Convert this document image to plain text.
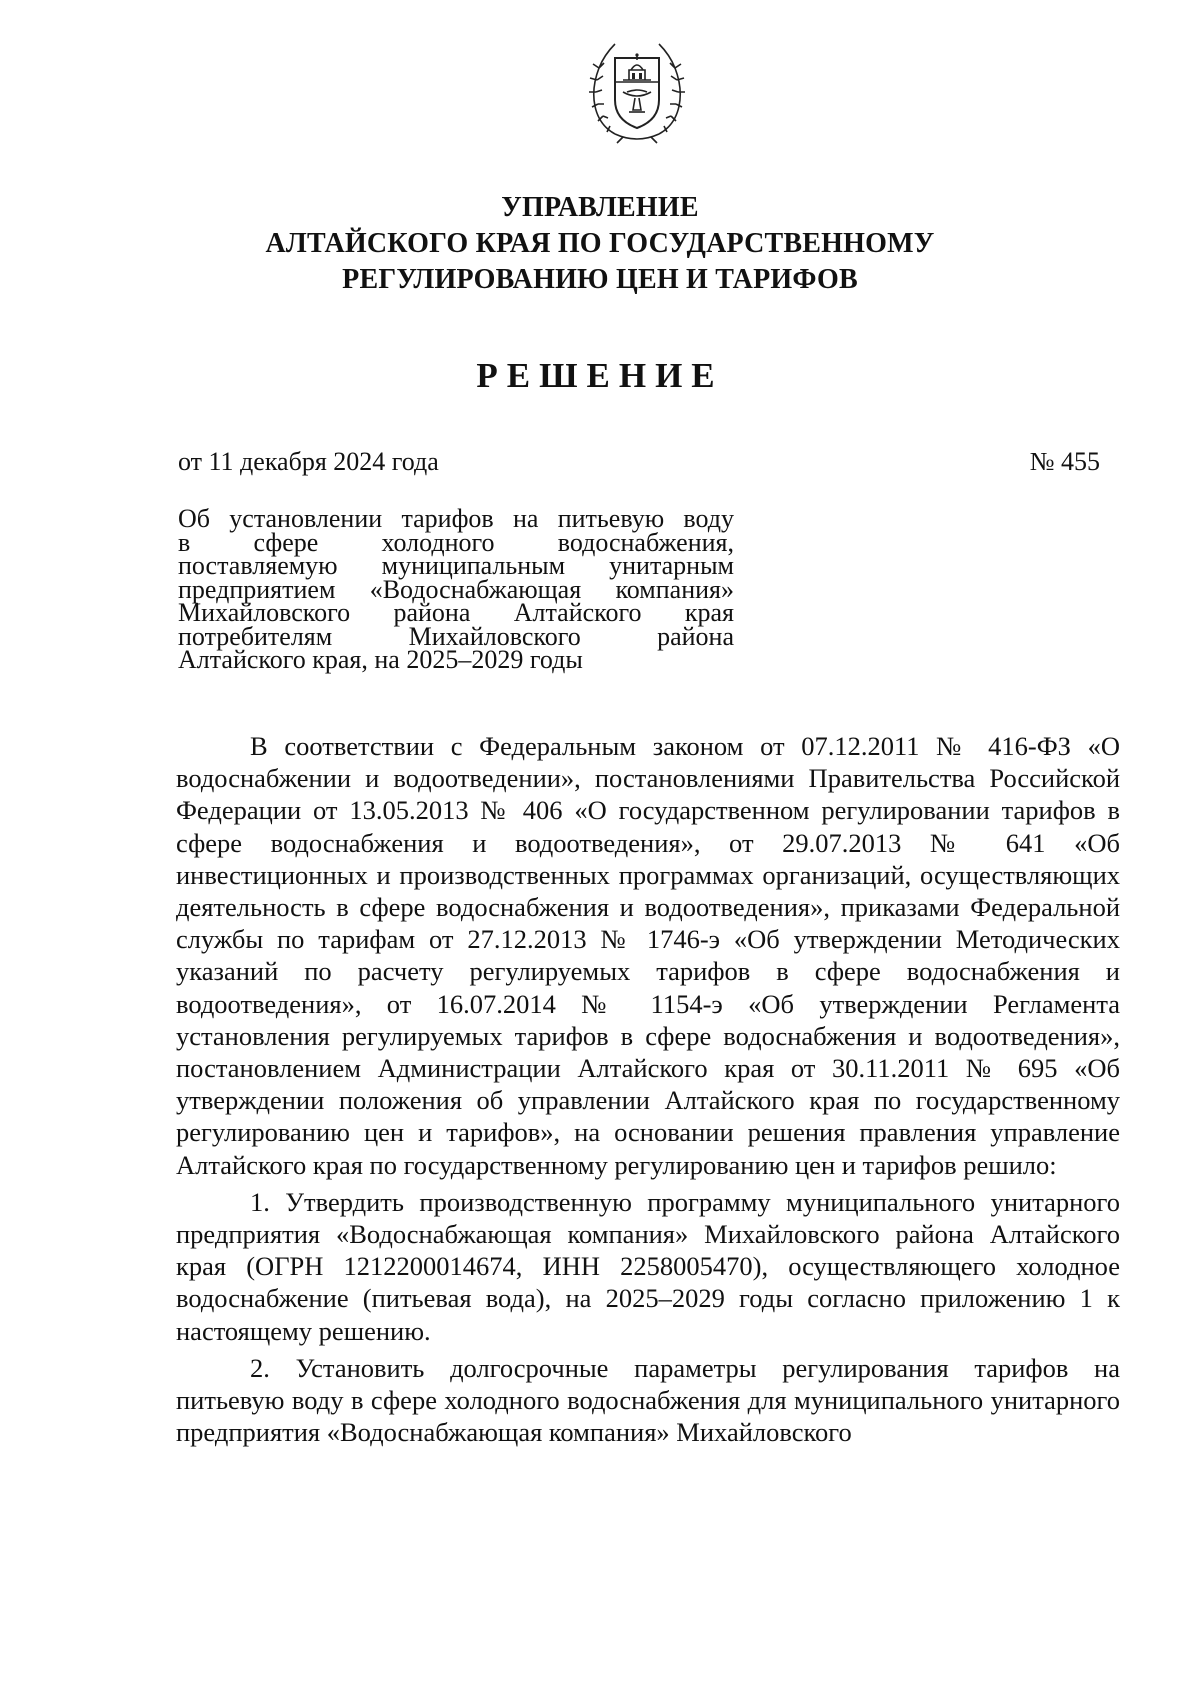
УПРАВЛЕНИЕ
АЛТАЙСКОГО КРАЯ ПО ГОСУДАРСТВЕННОМУ
РЕГУЛИРОВАНИЮ ЦЕН И ТАРИФОВ
РЕШЕНИЕ
от 11 декабря 2024 года	№ 455
Об установлении тарифов на питьевую воду
в сфере холодного водоснабжения,
поставляемую муниципальным унитарным
предприятием «Водоснабжающая компания»
Михайловского района Алтайского края
потребителям Михайловского района
Алтайского края, на 2025–2029 годы

В соответствии с Федеральным законом от 07.12.2011 № 416-ФЗ «О водоснабжении и водоотведении», постановлениями Правительства Российской Федерации от 13.05.2013 № 406 «О государственном регулировании тарифов в сфере водоснабжения и водоотведения», от 29.07.2013 № 641 «Об инвестиционных и производственных программах организаций, осуществляющих деятельность в сфере водоснабжения и водоотведения», приказами Федеральной службы по тарифам от 27.12.2013 № 1746-э «Об утверждении Методических указаний по расчету регулируемых тарифов в сфере водоснабжения и водоотведения», от 16.07.2014 № 1154-э «Об утверждении Регламента установления регулируемых тарифов в сфере водоснабжения и водоотведения», постановлением Администрации Алтайского края от 30.11.2011 № 695 «Об утверждении положения об управлении Алтайского края по государственному регулированию цен и тарифов», на основании решения правления управление Алтайского края по государственному регулированию цен и тарифов решило:

1. Утвердить производственную программу муниципального унитарного предприятия «Водоснабжающая компания» Михайловского района Алтайского края (ОГРН 1212200014674, ИНН 2258005470), осуществляющего холодное водоснабжение (питьевая вода), на 2025–2029 годы согласно приложению 1 к настоящему решению.

2. Установить долгосрочные параметры регулирования тарифов на питьевую воду в сфере холодного водоснабжения для муниципального унитарного предприятия «Водоснабжающая компания» Михайловского
